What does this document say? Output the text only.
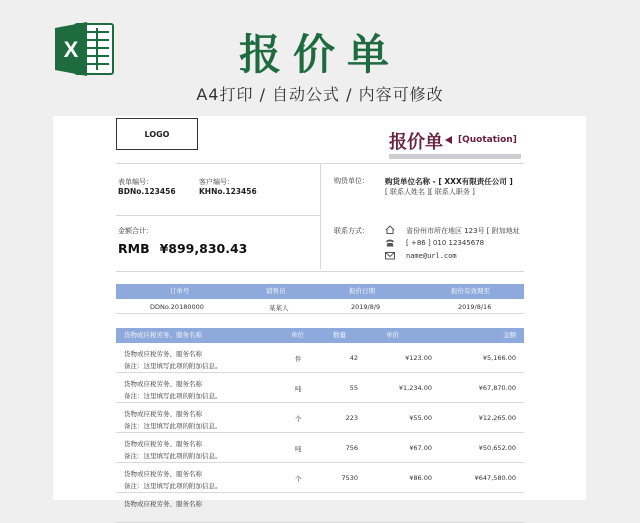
X	报价单
A4打印 / 自动公式 / 内容可修改
LOGO	报价单 [Quotation]
表单编号：
BDNo.123456
客户编号：
KHNo.123456
金额合计：
RMB ¥899,830.43
购货单位： 购货单位名称 - [ XXX有限责任公司 ]
[ 联系人姓名 ][ 联系人职务 ]
联系方式：	省份州市所在地区 123号 [ 附加地址
[ +86 ] 010 12345678
name@url.com
订单号	销售员	报价日期	报价有效期至
DDNo.20180000	某某人	2019/8/9	2019/8/16
货物或应税劳务、服务名称	单位	数量	单价	金额
货物或应税劳务、服务名称
备注：这里填写此项的附加信息。
件	42	¥123.00	¥5,166.00
货物或应税劳务、服务名称
备注：这里填写此项的附加信息。
吨	55	¥1,234.00	¥67,870.00
货物或应税劳务、服务名称
备注：这里填写此项的附加信息。
个	223	¥55.00	¥12,265.00
货物或应税劳务、服务名称
备注：这里填写此项的附加信息。
吨	756	¥67.00	¥50,652.00
货物或应税劳务、服务名称
备注：这里填写此项的附加信息。
个	7530	¥86.00	¥647,580.00
货物或应税劳务、服务名称
